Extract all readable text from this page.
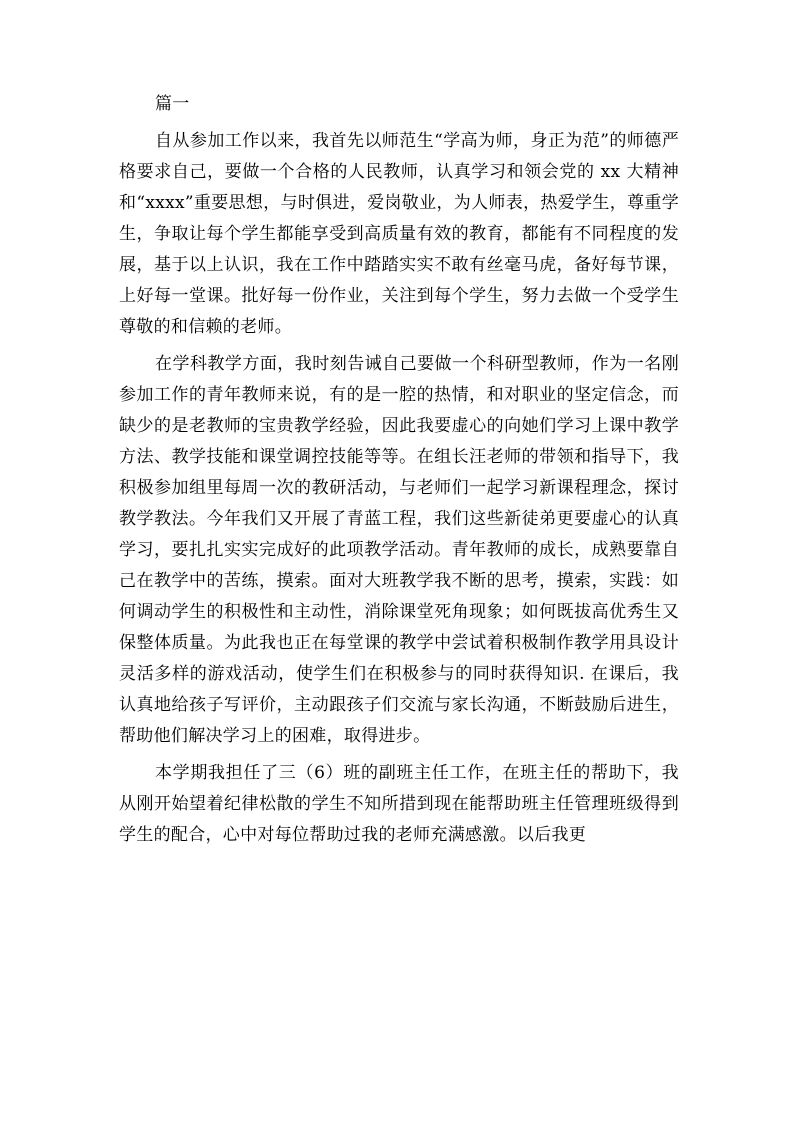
篇一

自从参加工作以来，我首先以师范生“学高为师，身正为范”的师德严格要求自己，要做一个合格的人民教师，认真学习和领会党的 xx 大精神和“xxxx”重要思想，与时俱进，爱岗敬业，为人师表，热爱学生，尊重学生，争取让每个学生都能享受到高质量有效的教育，都能有不同程度的发展，基于以上认识，我在工作中踏踏实实不敢有丝毫马虎，备好每节课，上好每一堂课。批好每一份作业，关注到每个学生，努力去做一个受学生尊敬的和信赖的老师。

在学科教学方面，我时刻告诫自己要做一个科研型教师，作为一名刚参加工作的青年教师来说，有的是一腔的热情，和对职业的坚定信念，而缺少的是老教师的宝贵教学经验，因此我要虚心的向她们学习上课中教学方法、教学技能和课堂调控技能等等。在组长汪老师的带领和指导下，我积极参加组里每周一次的教研活动，与老师们一起学习新课程理念，探讨教学教法。今年我们又开展了青蓝工程，我们这些新徒弟更要虚心的认真学习，要扎扎实实完成好的此项教学活动。青年教师的成长，成熟要靠自己在教学中的苦练，摸索。面对大班教学我不断的思考，摸索，实践：如何调动学生的积极性和主动性，消除课堂死角现象；如何既拔高优秀生又保整体质量。为此我也正在每堂课的教学中尝试着积极制作教学用具设计灵活多样的游戏活动，使学生们在积极参与的同时获得知识. 在课后，我认真地给孩子写评价，主动跟孩子们交流与家长沟通，不断鼓励后进生，帮助他们解决学习上的困难，取得进步。

本学期我担任了三（6）班的副班主任工作，在班主任的帮助下，我从刚开始望着纪律松散的学生不知所措到现在能帮助班主任管理班级得到学生的配合，心中对每位帮助过我的老师充满感激。以后我更
